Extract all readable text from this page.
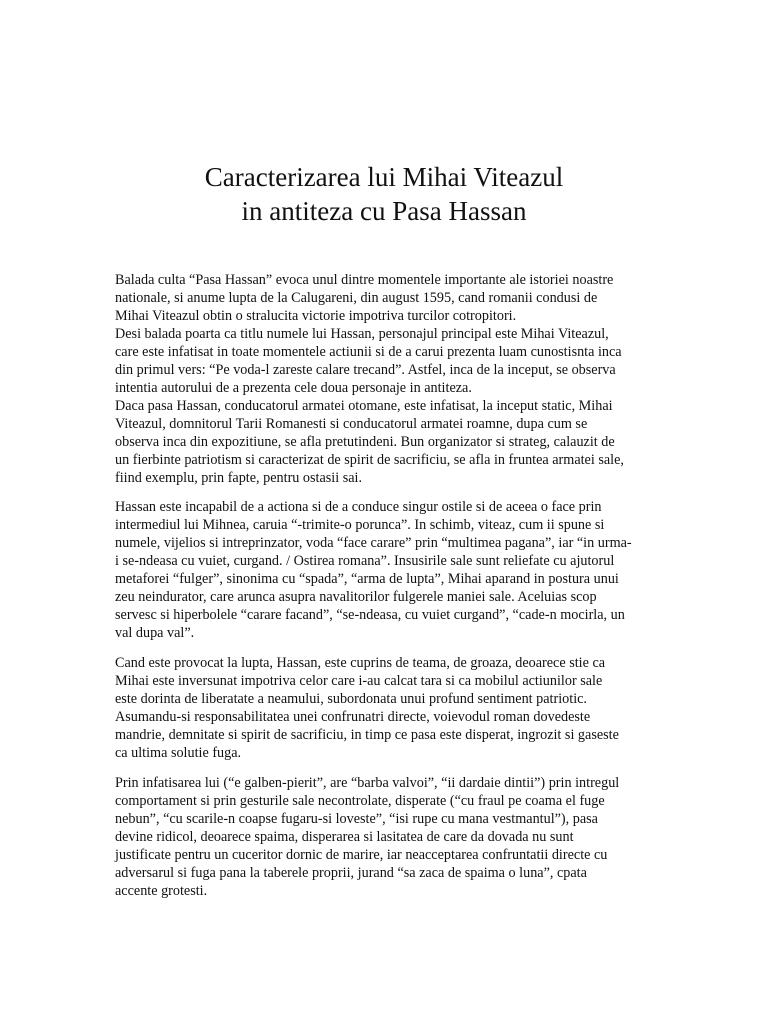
Caracterizarea lui Mihai Viteazul
in antiteza cu Pasa Hassan
Balada culta “Pasa Hassan” evoca unul dintre momentele importante ale istoriei noastre
nationale, si anume lupta de la Calugareni, din august 1595, cand romanii condusi de
Mihai Viteazul obtin o stralucita victorie impotriva turcilor cotropitori.
Desi balada poarta ca titlu numele lui Hassan, personajul principal este Mihai Viteazul,
care este infatisat in toate momentele actiunii si de a carui prezenta luam cunostisnta inca
din primul vers: “Pe voda-l zareste calare trecand”. Astfel, inca de la inceput, se observa
intentia autorului de a prezenta cele doua personaje in antiteza.
Daca pasa Hassan, conducatorul armatei otomane, este infatisat, la inceput static, Mihai
Viteazul, domnitorul Tarii Romanesti si conducatorul armatei roamne, dupa cum se
observa inca din expozitiune, se afla pretutindeni. Bun organizator si strateg, calauzit de
un fierbinte patriotism si caracterizat de spirit de sacrificiu, se afla in fruntea armatei sale,
fiind exemplu, prin fapte, pentru ostasii sai.
Hassan este incapabil de a actiona si de a conduce singur ostile si de aceea o face prin
intermediul lui Mihnea, caruia “-trimite-o porunca”. In schimb, viteaz, cum ii spune si
numele, vijelios si intreprinzator, voda “face carare” prin “multimea pagana”, iar “in urma-
i se-ndeasa cu vuiet, curgand. / Ostirea romana”. Insusirile sale sunt reliefate cu ajutorul
metaforei “fulger”, sinonima cu “spada”, “arma de lupta”, Mihai aparand in postura unui
zeu neindurator, care arunca asupra navalitorilor fulgerele maniei sale. Aceluias scop
servesc si hiperbolele “carare facand”, “se-ndeasa, cu vuiet curgand”, “cade-n mocirla, un
val dupa val”.
Cand este provocat la lupta, Hassan, este cuprins de teama, de groaza, deoarece stie ca
Mihai este inversunat impotriva celor care i-au calcat tara si ca mobilul actiunilor sale
este dorinta de liberatate a neamului, subordonata unui profund sentiment patriotic.
Asumandu-si responsabilitatea unei confrunatri directe, voievodul roman dovedeste
mandrie, demnitate si spirit de sacrificiu, in timp ce pasa este disperat, ingrozit si gaseste
ca ultima solutie fuga.
Prin infatisarea lui (“e galben-pierit”, are “barba valvoi”, “ii dardaie dintii”) prin intregul
comportament si prin gesturile sale necontrolate, disperate (“cu fraul pe coama el fuge
nebun”, “cu scarile-n coapse fugaru-si loveste”, “isi rupe cu mana vestmantul”), pasa
devine ridicol, deoarece spaima, disperarea si lasitatea de care da dovada nu sunt
justificate pentru un cuceritor dornic de marire, iar neacceptarea confruntatii directe cu
adversarul si fuga pana la taberele proprii, jurand “sa zaca de spaima o luna”, cpata
accente grotesti.
